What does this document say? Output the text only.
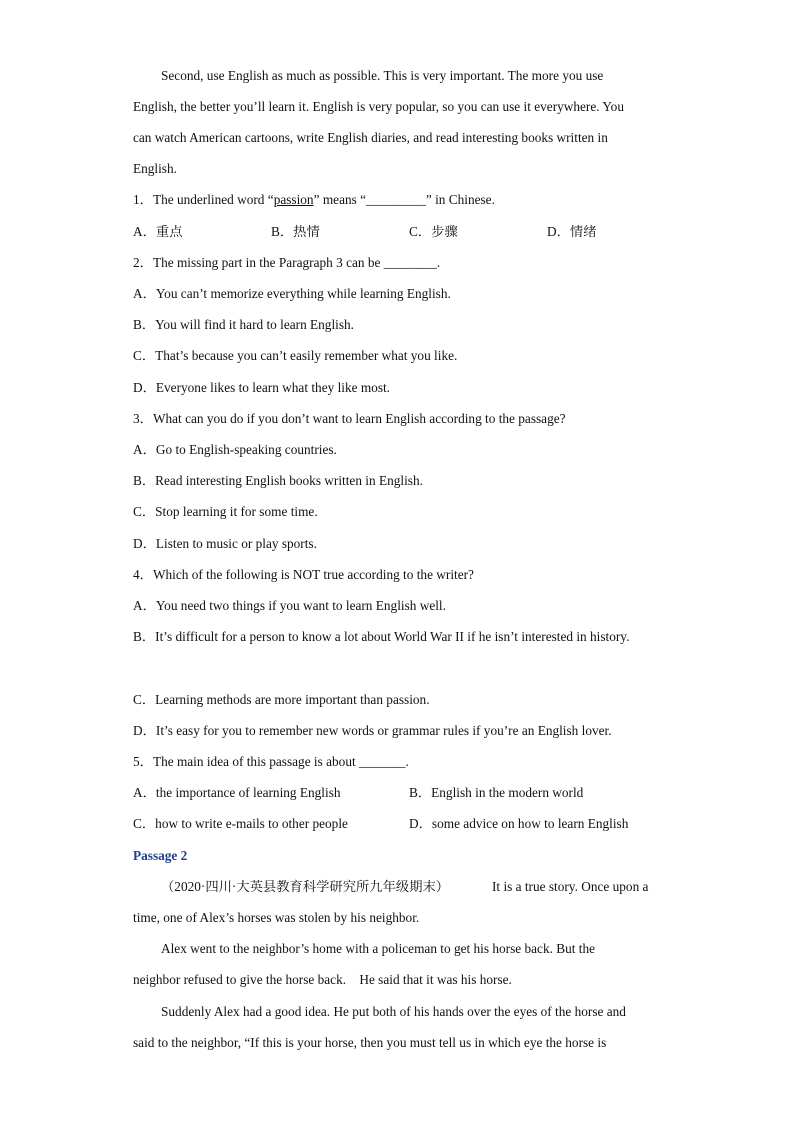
Second, use English as much as possible. This is very important. The more you use
English, the better you’ll learn it. English is very popular, so you can use it everywhere. You
can watch American cartoons, write English diaries, and read interesting books written in
English.
1．The underlined word “passion” means “_________” in Chinese.
A．重点	B．热情	C．步骤	D．情绪
2．The missing part in the Paragraph 3 can be ________.
A．You can’t memorize everything while learning English.
B．You will find it hard to learn English.
C．That’s because you can’t easily remember what you like.
D．Everyone likes to learn what they like most.
3．What can you do if you don’t want to learn English according to the passage?
A．Go to English-speaking countries.
B．Read interesting English books written in English.
C．Stop learning it for some time.
D．Listen to music or play sports.
4．Which of the following is NOT true according to the writer?
A．You need two things if you want to learn English well.
B．It’s difficult for a person to know a lot about World War II if he isn’t interested in history.
C．Learning methods are more important than passion.
D．It’s easy for you to remember new words or grammar rules if you’re an English lover.
5．The main idea of this passage is about _______.
A．the importance of learning English	B．English in the modern world
C．how to write e-mails to other people	D．some advice on how to learn English
Passage 2
（2020·四川·大英县教育科学研究所九年级期末）	It is a true story. Once upon a
time, one of Alex’s horses was stolen by his neighbor.
Alex went to the neighbor’s home with a policeman to get his horse back. But the
neighbor refused to give the horse back.　He said that it was his horse.
Suddenly Alex had a good idea. He put both of his hands over the eyes of the horse and
said to the neighbor, “If this is your horse, then you must tell us in which eye the horse is
